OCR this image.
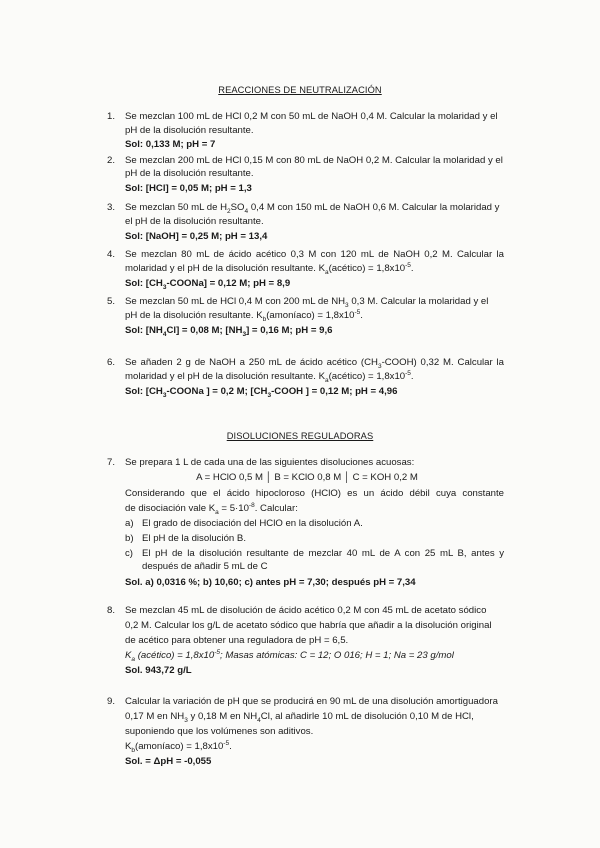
REACCIONES DE NEUTRALIZACIÓN
1. Se mezclan 100 mL de HCl 0,2 M con 50 mL de NaOH 0,4 M. Calcular la molaridad y el
pH de la disolución resultante.
Sol: 0,133 M; pH = 7
2. Se mezclan 200 mL de HCl 0,15 M con 80 mL de NaOH 0,2 M. Calcular la molaridad y el
pH de la disolución resultante.
Sol: [HCl] = 0,05 M; pH = 1,3
3. Se mezclan 50 mL de $H_2SO_4$ 0,4 M con 150 mL de NaOH 0,6 M. Calcular la molaridad y
el pH de la disolución resultante.
Sol: [NaOH] = 0,25 M; pH = 13,4
4. Se mezclan 80 mL de ácido acético 0,3 M con 120 mL de NaOH 0,2 M. Calcular la
molaridad y el pH de la disolución resultante. $K_a(acético) = 1,8x10^{-5}$.
Sol: $[CH_3-COONa] = 0,12$ M; pH = 8,9
5. Se mezclan 50 mL de HCl 0,4 M con 200 mL de $NH_3$ 0,3 M. Calcular la molaridad y el
pH de la disolución resultante. $K_b(amoníaco) = 1,8x10^{-5}$.
Sol: $[NH_4Cl] = 0,08$ M; $[NH_3] = 0,16$ M; pH = 9,6
6. Se añaden 2 g de NaOH a 250 mL de ácido acético $(CH_3-COOH)$ 0,32 M. Calcular la
molaridad y el pH de la disolución resultante. $K_a(acético) = 1,8x10^{-5}$.
Sol: [$CH_3$-COONa ] = 0,2 M; [$CH_3$-COOH ] = 0,12 M; pH = 4,96
DISOLUCIONES REGULADORAS
7. Se prepara 1 L de cada una de las siguientes disoluciones acuosas:
A = HClO 0,5 M │ B = KClO 0,8 M │ C = KOH 0,2 M
Considerando que el ácido hipocloroso (HClO) es un ácido débil cuya constante
de disociación vale $K_a = 5\cdot 10^{-8}$. Calcular:
a) El grado de disociación del HClO en la disolución A.
b) El pH de la disolución B.
c) El pH de la disolución resultante de mezclar 40 mL de A con 25 mL B, antes y
después de añadir 5 mL de C
Sol. a) 0,0316 %; b) 10,60; c) antes pH = 7,30; después pH = 7,34
8. Se mezclan 45 mL de disolución de ácido acético 0,2 M con 45 mL de acetato sódico
0,2 M. Calcular los g/L de acetato sódico que habría que añadir a la disolución original
de acético para obtener una reguladora de pH = 6,5.
$K_a$ (acético) = $1,8x10^{-5}$; Masas atómicas: C = 12; O 016; H = 1; Na = 23 g/mol
Sol. 943,72 g/L
9. Calcular la variación de pH que se producirá en 90 mL de una disolución amortiguadora
0,17 M en $NH_3$ y 0,18 M en $NH_4Cl$, al añadirle 10 mL de disolución 0,10 M de HCl,
suponiendo que los volúmenes son aditivos.
$K_b(amoníaco) = 1,8x10^{-5}$.
Sol. = ΔpH = -0,055
